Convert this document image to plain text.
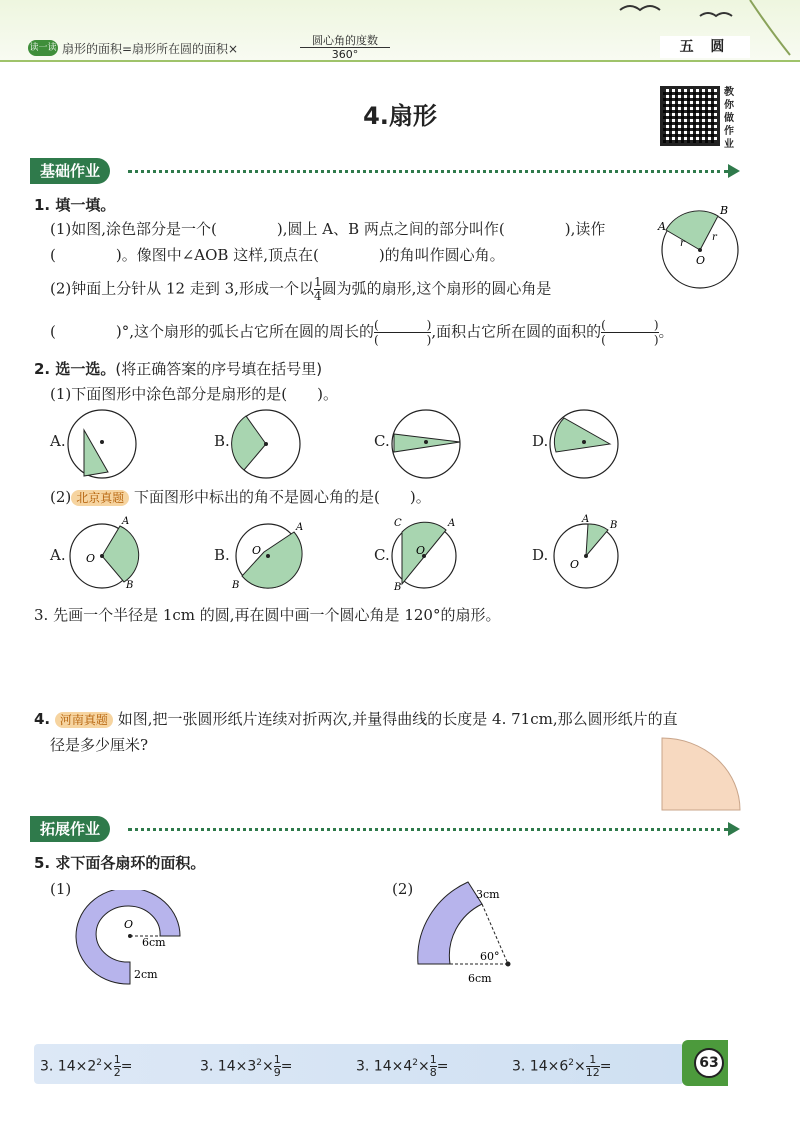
读一读 扇形的面积=扇形所在圆的面积×
圆心角的度数
360°	五 圆
4.扇形
教你做作业
基础作业
1. 填一填。
(1)如图,涂色部分是一个(　　　　),圆上 A、B 两点之间的部分叫作(　　　　),读作
(　　　　)。像图中∠AOB 这样,顶点在(　　　　)的角叫作圆心角。
(2)钟面上分针从 12 走到 3,形成一个以 $\frac{1}{4}$ 圆为弧的扇形,这个扇形的圆心角是
(　　　　)°,这个扇形的弧长占它所在圆的周长的 (　　　　)
(　　　　) ,面积占它所在圆的面积的 (　　　　)
(　　　　) 。
A
B
O
r
r
2. 选一选。(将正确答案的序号填在括号里)
(1)下面图形中涂色部分是扇形的是(　　)。
A.	B.	C.	D.
(2) 北京真题 下面图形中标出的角不是圆心角的是(　　)。
A. O
A
B
B. O
A
B
C. O
C	A
B
D.
O
A
B
3. 先画一个半径是 1cm 的圆,再在圆中画一个圆心角是 120°的扇形。
4. 河南真题 如图,把一张圆形纸片连续对折两次,并量得曲线的长度是 4. 71cm,那么圆形纸片的直
径是多少厘米?
拓展作业
5. 求下面各扇环的面积。
(1)	(2)
O
6cm
2cm
3cm
60°
6cm
3. $14\times 2^2\times \frac{1}{2}$ =	3. $14\times 3^2\times \frac{1}{9}$ =	3. $14\times 4^2\times \frac{1}{8}$ =	3. $14\times 6^2\times \frac{1}{12}$ =	63
